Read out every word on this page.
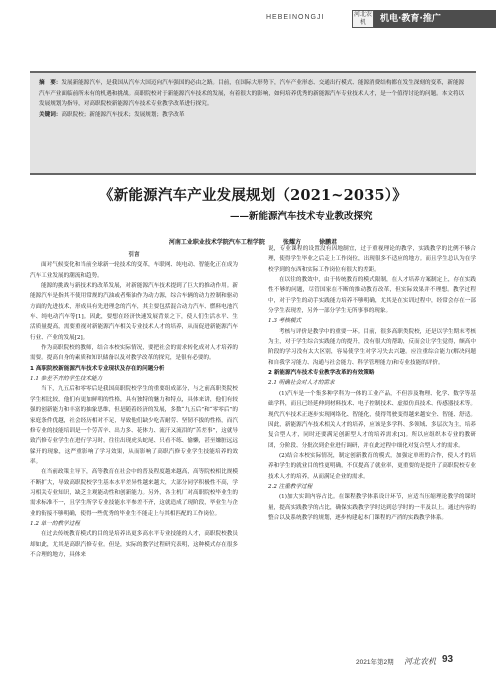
HEBEINONGJI	河北农机	机电·教育·推广

摘　要：发展新能源汽车，是我国从汽车大国迈向汽车强国的必由之路。目前，在国际大形势下，汽车产业形态、交通出行模式、能源消费结构都在发生深刻的变革，新能源汽车产业面临前所未有的机遇和挑战。高职院校对于新能源汽车技术的发展，有着很大的影响，如何培养优秀的新能源汽车专业技术人才，是一个值得讨论的问题。本文将以发展规划为指导，对高职院校新能源汽车技术专业教学改革进行探究。

关键词：高职院校；新能源汽车技术；发展规划；教学改革

《新能源汽车产业发展规划（2021~2035）》
——新能源汽车技术专业教改探究
河南工业职业技术学院汽车工程学院	张耀方	徐鹏君

引言

面对气候变化和当前全球新一轮技术的变革，车联网、纯电动、智能化正在成为汽车工业发展的潮流和趋势。

能源的挑战与新技术的改革发展，对新能源汽车技术提到了巨大的推动作用。新能源汽车是指其不使用常规的汽油或者柴油作为动力源，综合车辆的动力控制和驱动方面的先进技术，形成具有先进理念的汽车，其主要包括混合动力汽车、燃料电池汽车、纯电动汽车等[1]。因此，要想在经济快速发展背景之下，使人们生活水平、生活质量提高，需要重视对新能源汽车相关专业技术人才的培养，从而促进新能源汽车行业、产业的发展[2]。

作为高职院校的教师，结合本校实际情况，要把社会的需求转化成对人才培养的需要。提高自身的素质和知识储备以及对教学改革的探究，是很有必要的。

1 高职院校新能源汽车技术专业现状及存在的问题分析

1.1 参差不齐的学生技术能力

当下，九五后和零零后是我国高职院校学生的重要组成部分，与之前高职类院校学生相比较，他们有更加鲜明的性格，具有独特的魅力和特点，具体来讲，他们有较强的创新能力和丰富的抽象思维，但是随着经济的发展，多数“九五后”和“零零后”的家庭条件优越，社会经历相对不足，导致他们缺少吃苦耐劳、坚韧不拔的性格，而汽修专业的技能培训是一个劳苦辛、出力多、花体力、流汗又流泪的“苦差事”，这就导致汽修专业学生在进行学习时，往往出现虎头蛇尾、只看不练、偷懒，甚至嫌脏远远躲开的现象，这严重影响了学习效果，从而影响了高职汽修专业学生技能培养的效率。

在当前政策主导下，高等教育在社会中的普及程度越来越高，高等院校相比规模不断扩大，导致高职院校学生基本水平差异性越来越大，大部分同学积极性不高，学习相关专业知识，缺乏主观能动性和创新能力。另外，各主机厂对高职院校毕业生的需求标准不一，且学生所学专业技能水平参差不齐，这就造成了现阶段，毕业生与企业的衔接不够明确，使得一些优秀的毕业生不能走上与其相匹配的工作岗位。

1.2 单一的教学过程

在过去传统教育模式的目的是培养出更多高水平专业技能的人才，高职院校教员却如此，尤其是高职汽修专业。但是，实际的教学过程研究表明，这种模式存在很多不合理的地方，具体来

说，专业课程的设置没有因地制宜，过于重视理论的教学，实践教学的比例不够合理，使得学生毕业之后走上工作岗位，出现很多不适应的地方。而且学生总认为在学校学到的东西和实际工作岗位有很大的差距。

在以往的教效中，由于传统教育的模式限制，在人才培养方案制定上，存在实践性不够的问题，尽管国家在不断的推动教育改革，但实际效果并不理想。教学过程中，对于学生的动手实践能力培养不够明确，尤其是在实训过程中，经常会存在一部分学生表现差，另外一部分学生无所事事的现象。

1.3 考核模式

考核与评价是教学中的重要一环。目前，很多高职类院校，还是以学生期末考核为主，对于学生综合实践能力的提升，没有很大的帮助，反而会让学生觉得，颇高中阶段的学习没有太大区别，容易使学生对学习失去兴趣。应注重综合能力(解决问题和自我学习能力、沟通与社会能力、科学管理能力)和专业技能的评价。

2 新能源汽车技术专业教学改革的有效策略

2.1 明确社会对人才的需求

(1)汽车是一个集多种学科为一体的工业产品，不但涉及物理、化学、数学等基础学科，而且已经延伸到材料技术、电子控制技术、虚拟仿真技术、传感器技术等。现代汽车技术正逐步实现网络化、智能化，使得驾驶变得越来越安全、智能、舒适。因此，新能源汽车技术相关人才的培养，应该是多学科、多领域、多层次为主，培养复合型人才，同时还要满足创新型人才的培养需求[3]。所以应组织本专业的教研团，分阶段、分批次到企业进行调研，并在此过程中细化对复合型人才的需求。

(2)结合本校实际情况，制定创新教育的模式，加强定单班的合作，使人才的培养和学生的就业目的性更明确，不仅提高了就业率，更重要的是提升了高职院校专业技术人才的培养，从而满足企业的需求。

2.2 注重教学过程

(1)加大实训内容占比。在课程教学体系设计环节，应适当压缩理论教学的课时量，提高实践教学的占比，确保实践教学学时达到总学时的一半及以上。通过内容的整合以及系统教学的规划，逐步构建起本门课程的产消的实践教学体系。

2021年第2期 河北农机 93
